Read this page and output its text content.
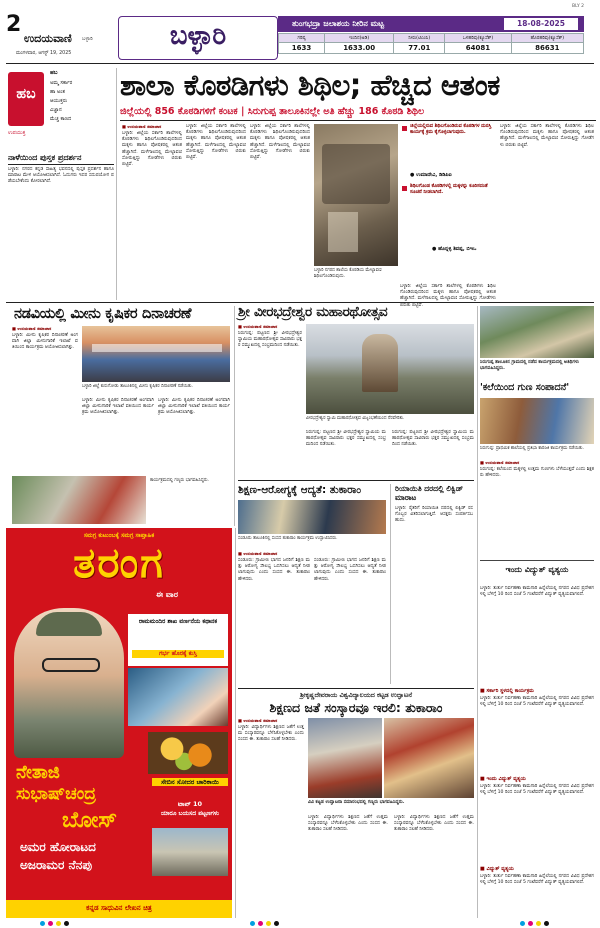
2
ಉದಯವಾಣಿ ಬಳ್ಳಾರಿ
ಮಂಗಳವಾರ, ಆಗಸ್ಟ್ 19, 2025
ಬಳ್ಳಾರಿ	ತುಂಗಭದ್ರಾ ಜಲಾಶಯ ನೀರಿನ ಮಟ್ಟ	18-08-2025
ಗರಿಷ್ಠ	ಇಂದಿನ(ಅಡಿ)	ನೀರು(ಟಿಎಂಸಿ)	ಒಳಹರಿವು(ಕ್ಯೂಸೆಕ್)	ಹೊರಹರಿವು(ಕ್ಯೂಸೆಕ್)
1633	1633.00	77.01	64081	86631
BLY 2
ಹಬ
ಉಪಯುಕ್ತ
ಹಬ
ಅಮ್ಮ ಸರ್ಕಾರ
ಹಾ ಅಂತ
ಆಯುಕ್ತರು
ವಿಜ್ಞಾನ
ಮೆಚ್ಚ ಕಾಣದ
ಶಾಲಾ ಕೊಠಡಿಗಳು ಶಿಥಿಲ; ಹೆಚ್ಚಿದ ಆತಂಕ
ಜಿಲ್ಲೆಯಲ್ಲಿ 856 ಕೊಠಡಿಗಳಿಗೆ ಕಂಟಕ | ಸಿರುಗುಪ್ಪ ತಾಲೂಕಿನಲ್ಲೇ ಅತಿ ಹೆಚ್ಚು 186 ಕೊಠಡಿ ಶಿಥಿಲ
■ ಉದಯವಾಣಿ ಸಮಾಚಾರ
ಬಳ್ಳಾರಿ: ಜಿಲ್ಲೆಯ ಸರ್ಕಾರಿ ಶಾಲೆಗಳಲ್ಲಿ ಕೊಠಡಿಗಳು ಶಿಥಿಲಗೊಂಡಿರುವುದರಿಂದ ಮಕ್ಕಳು ಹಾಗೂ ಪೋಷಕರಲ್ಲಿ ಆತಂಕ ಹೆಚ್ಚಾಗಿದೆ. ಮಳೆಗಾಲದಲ್ಲಿ ಮೇಲ್ಛಾವಣಿ ಸೋರುತ್ತಿದ್ದು ಗೋಡೆಗಳು ಬಿರುಕು ಬಿಟ್ಟಿವೆ.
ಬಳ್ಳಾರಿ: ಜಿಲ್ಲೆಯ ಸರ್ಕಾರಿ ಶಾಲೆಗಳಲ್ಲಿ ಕೊಠಡಿಗಳು ಶಿಥಿಲಗೊಂಡಿರುವುದರಿಂದ ಮಕ್ಕಳು ಹಾಗೂ ಪೋಷಕರಲ್ಲಿ ಆತಂಕ ಹೆಚ್ಚಾಗಿದೆ. ಮಳೆಗಾಲದಲ್ಲಿ ಮೇಲ್ಛಾವಣಿ ಸೋರುತ್ತಿದ್ದು ಗೋಡೆಗಳು ಬಿರುಕು ಬಿಟ್ಟಿವೆ.
ಬಳ್ಳಾರಿ: ಜಿಲ್ಲೆಯ ಸರ್ಕಾರಿ ಶಾಲೆಗಳಲ್ಲಿ ಕೊಠಡಿಗಳು ಶಿಥಿಲಗೊಂಡಿರುವುದರಿಂದ ಮಕ್ಕಳು ಹಾಗೂ ಪೋಷಕರಲ್ಲಿ ಆತಂಕ ಹೆಚ್ಚಾಗಿದೆ. ಮಳೆಗಾಲದಲ್ಲಿ ಮೇಲ್ಛಾವಣಿ ಸೋರುತ್ತಿದ್ದು ಗೋಡೆಗಳು ಬಿರುಕು ಬಿಟ್ಟಿವೆ.
ಬಳ್ಳಾರಿ ನಗರದ ಶಾಲೆಯ ಕೊಠಡಿಯ ಮೇಲ್ಛಾವಣಿ ಶಿಥಿಲಗೊಂಡಿರುವುದು.
ಬಳ್ಳಾರಿ: ಜಿಲ್ಲೆಯ ಸರ್ಕಾರಿ ಶಾಲೆಗಳಲ್ಲಿ ಕೊಠಡಿಗಳು ಶಿಥಿಲಗೊಂಡಿರುವುದರಿಂದ ಮಕ್ಕಳು ಹಾಗೂ ಪೋಷಕರಲ್ಲಿ ಆತಂಕ ಹೆಚ್ಚಾಗಿದೆ. ಮಳೆಗಾಲದಲ್ಲಿ ಮೇಲ್ಛಾವಣಿ ಸೋರುತ್ತಿದ್ದು ಗೋಡೆಗಳು ಬಿರುಕು ಬಿಟ್ಟಿವೆ.
ಜಿಲ್ಲೆಯಲ್ಲಿರುವ ಶಿಥಿಲಗೊಂಡಿರುವ ಕೊಠಡಿಗಳ ದುರಸ್ತಿ ಕಾರ್ಯಕ್ಕೆ ಕ್ರಮ ಕೈಗೊಳ್ಳಲಾಗುವುದು.
● ಉಮಾದೇವಿ, ಡಿಡಿಪಿಐ
ಶಿಥಿಲಗೊಂಡ ಕೊಠಡಿಗಳಲ್ಲಿ ಮಕ್ಕಳನ್ನು ಕೂರಿಸದಂತೆ ಸೂಚನೆ ನೀಡಲಾಗಿದೆ.
● ಹೊನ್ನಳ್ಳಿ ಶಿವಪ್ಪ, ಬಿಇಒ
ಬಳ್ಳಾರಿ: ಜಿಲ್ಲೆಯ ಸರ್ಕಾರಿ ಶಾಲೆಗಳಲ್ಲಿ ಕೊಠಡಿಗಳು ಶಿಥಿಲಗೊಂಡಿರುವುದರಿಂದ ಮಕ್ಕಳು ಹಾಗೂ ಪೋಷಕರಲ್ಲಿ ಆತಂಕ ಹೆಚ್ಚಾಗಿದೆ. ಮಳೆಗಾಲದಲ್ಲಿ ಮೇಲ್ಛಾವಣಿ ಸೋರುತ್ತಿದ್ದು ಗೋಡೆಗಳು ಬಿರುಕು ಬಿಟ್ಟಿವೆ.
ನಾಳೆಯಿಂದ ಪುಸ್ತಕ ಪ್ರದರ್ಶನ
ಬಳ್ಳಾರಿ: ನಗರದ ಕನ್ನಡ ಸಾಹಿತ್ಯ ಭವನದಲ್ಲಿ ಪುಸ್ತಕ ಪ್ರದರ್ಶನ ಹಾಗೂ ಮಾರಾಟ ಮೇಳ ಆಯೋಜಿಸಲಾಗಿದೆ. ಓದುಗರು ಇದರ ಸದುಪಯೋಗ ಪಡೆಯಬೇಕೆಂದು ಕೋರಲಾಗಿದೆ.
ನಡವಿಯಲ್ಲಿ ಮೀನು ಕೃಷಿಕರ ದಿನಾಚರಣೆ
■ ಉದಯವಾಣಿ ಸಮಾಚಾರ
ಬಳ್ಳಾರಿ: ಮೀನು ಕೃಷಿಕರ ದಿನಾಚರಣೆ ಅಂಗವಾಗಿ ಜಿಲ್ಲಾ ಮೀನುಗಾರಿಕೆ ಇಲಾಖೆ ವತಿಯಿಂದ ಕಾರ್ಯಕ್ರಮ ಆಯೋಜಿಸಲಾಗಿತ್ತು.
ಬಳ್ಳಾರಿ ಜಿಲ್ಲೆ ಕುರುಗೋಡು ತಾಲೂಕಿನಲ್ಲಿ ಮೀನು ಕೃಷಿಕರ ದಿನಾಚರಣೆ ನಡೆಯಿತು.
ಬಳ್ಳಾರಿ: ಮೀನು ಕೃಷಿಕರ ದಿನಾಚರಣೆ ಅಂಗವಾಗಿ ಜಿಲ್ಲಾ ಮೀನುಗಾರಿಕೆ ಇಲಾಖೆ ವತಿಯಿಂದ ಕಾರ್ಯಕ್ರಮ ಆಯೋಜಿಸಲಾಗಿತ್ತು.
ಬಳ್ಳಾರಿ: ಮೀನು ಕೃಷಿಕರ ದಿನಾಚರಣೆ ಅಂಗವಾಗಿ ಜಿಲ್ಲಾ ಮೀನುಗಾರಿಕೆ ಇಲಾಖೆ ವತಿಯಿಂದ ಕಾರ್ಯಕ್ರಮ ಆಯೋಜಿಸಲಾಗಿತ್ತು.
ಕಾರ್ಯಕ್ರಮದಲ್ಲಿ ಗಣ್ಯರು ಭಾಗವಹಿಸಿದ್ದರು.
ಶ್ರೀ ವೀರಭದ್ರೇಶ್ವರ ಮಹಾರಥೋತ್ಸವ
■ ಉದಯವಾಣಿ ಸಮಾಚಾರ
ಸಿರುಗುಪ್ಪ: ಪಟ್ಟಣದ ಶ್ರೀ ವೀರಭದ್ರೇಶ್ವರ ಸ್ವಾಮಿಯ ಮಹಾರಥೋತ್ಸವ ಸಾವಿರಾರು ಭಕ್ತರ ಸಮ್ಮುಖದಲ್ಲಿ ಸಂಭ್ರಮದಿಂದ ನಡೆಯಿತು.
ವೀರಭದ್ರೇಶ್ವರ ಸ್ವಾಮಿ ಮಹಾರಥೋತ್ಸವ ವಿಜೃಂಭಣೆಯಿಂದ ನೆರವೇರಿತು.
ಸಿರುಗುಪ್ಪ: ಪಟ್ಟಣದ ಶ್ರೀ ವೀರಭದ್ರೇಶ್ವರ ಸ್ವಾಮಿಯ ಮಹಾರಥೋತ್ಸವ ಸಾವಿರಾರು ಭಕ್ತರ ಸಮ್ಮುಖದಲ್ಲಿ ಸಂಭ್ರಮದಿಂದ ನಡೆಯಿತು.
ಸಿರುಗುಪ್ಪ: ಪಟ್ಟಣದ ಶ್ರೀ ವೀರಭದ್ರೇಶ್ವರ ಸ್ವಾಮಿಯ ಮಹಾರಥೋತ್ಸವ ಸಾವಿರಾರು ಭಕ್ತರ ಸಮ್ಮುಖದಲ್ಲಿ ಸಂಭ್ರಮದಿಂದ ನಡೆಯಿತು.
ಸಿರುಗುಪ್ಪ ತಾಲೂಕಿನ ಗ್ರಾಮದಲ್ಲಿ ನಡೆದ ಕಾರ್ಯಕ್ರಮದಲ್ಲಿ ಅತಿಥಿಗಳು ಭಾಗವಹಿಸಿದ್ದರು.
'ಕಲೆಯಿಂದ ಗುಣ ಸಂಪಾದನೆ'
ಸಿರುಗುಪ್ಪ: ಪ್ರಾಥಮಿಕ ಶಾಲೆಯಲ್ಲಿ ಪ್ರತಿಭಾ ಕಾರಂಜಿ ಕಾರ್ಯಕ್ರಮ ನಡೆಯಿತು.
■ ಉದಯವಾಣಿ ಸಮಾಚಾರ
ಸಿರುಗುಪ್ಪ: ಕಲೆಯಿಂದ ಮಕ್ಕಳಲ್ಲಿ ಉತ್ತಮ ಗುಣಗಳು ಬೆಳೆಯುತ್ತವೆ ಎಂದು ಶಿಕ್ಷಕರು ಹೇಳಿದರು.
ಶಿಕ್ಷಣ-ಆರೋಗ್ಯಕ್ಕೆ ಆದ್ಯತೆ: ತುಕಾರಾಂ
ಸಂಡೂರು ತಾಲೂಕಿನಲ್ಲಿ ಸಂಸದ ತುಕಾರಾಂ ಕಾರ್ಯಕ್ರಮ ಉದ್ಘಾಟಿಸಿದರು.
■ ಉದಯವಾಣಿ ಸಮಾಚಾರ
ಸಂಡೂರು: ಗ್ರಾಮೀಣ ಭಾಗದ ಜನರಿಗೆ ಶಿಕ್ಷಣ ಮತ್ತು ಆರೋಗ್ಯ ಸೌಲಭ್ಯ ಒದಗಿಸಲು ಆದ್ಯತೆ ನೀಡಲಾಗುವುದು ಎಂದು ಸಂಸದ ಈ. ತುಕಾರಾಂ ಹೇಳಿದರು.
ಸಂಡೂರು: ಗ್ರಾಮೀಣ ಭಾಗದ ಜನರಿಗೆ ಶಿಕ್ಷಣ ಮತ್ತು ಆರೋಗ್ಯ ಸೌಲಭ್ಯ ಒದಗಿಸಲು ಆದ್ಯತೆ ನೀಡಲಾಗುವುದು ಎಂದು ಸಂಸದ ಈ. ತುಕಾರಾಂ ಹೇಳಿದರು.
ರಿಯಾಯಿತಿ ದರದಲ್ಲಿ ಲಿಕ್ವಿಡ್ ಮಾರಾಟ
ಬಳ್ಳಾರಿ: ರೈತರಿಗೆ ರಿಯಾಯಿತಿ ದರದಲ್ಲಿ ಲಿಕ್ವಿಡ್ ರಸಗೊಬ್ಬರ ವಿತರಿಸಲಾಗುತ್ತಿದೆ. ಆಸಕ್ತರು ಸಂಪರ್ಕಿಸಬಹುದು.
ಇಂದು ವಿದ್ಯುತ್ ವ್ಯತ್ಯಯ
ಬಳ್ಳಾರಿ: ತುರ್ತು ನಿರ್ವಹಣಾ ಕಾಮಗಾರಿ ಹಿನ್ನೆಲೆಯಲ್ಲಿ ನಗರದ ವಿವಿಧ ಪ್ರದೇಶಗಳಲ್ಲಿ ಬೆಳಗ್ಗೆ 10 ರಿಂದ ಸಂಜೆ 5 ಗಂಟೆವರೆಗೆ ವಿದ್ಯುತ್ ವ್ಯತ್ಯಯವಾಗಲಿದೆ.
■ ಸರ್ಕಾರಿ ಸ್ಥಳದಲ್ಲಿ ಕಾರ್ಯಕ್ರಮ
ಬಳ್ಳಾರಿ: ತುರ್ತು ನಿರ್ವಹಣಾ ಕಾಮಗಾರಿ ಹಿನ್ನೆಲೆಯಲ್ಲಿ ನಗರದ ವಿವಿಧ ಪ್ರದೇಶಗಳಲ್ಲಿ ಬೆಳಗ್ಗೆ 10 ರಿಂದ ಸಂಜೆ 5 ಗಂಟೆವರೆಗೆ ವಿದ್ಯುತ್ ವ್ಯತ್ಯಯವಾಗಲಿದೆ.
■ ಇಂದು ವಿದ್ಯುತ್ ವ್ಯತ್ಯಯ
ಬಳ್ಳಾರಿ: ತುರ್ತು ನಿರ್ವಹಣಾ ಕಾಮಗಾರಿ ಹಿನ್ನೆಲೆಯಲ್ಲಿ ನಗರದ ವಿವಿಧ ಪ್ರದೇಶಗಳಲ್ಲಿ ಬೆಳಗ್ಗೆ 10 ರಿಂದ ಸಂಜೆ 5 ಗಂಟೆವರೆಗೆ ವಿದ್ಯುತ್ ವ್ಯತ್ಯಯವಾಗಲಿದೆ.
■ ವಿದ್ಯುತ್ ವ್ಯತ್ಯಯ
ಬಳ್ಳಾರಿ: ತುರ್ತು ನಿರ್ವಹಣಾ ಕಾಮಗಾರಿ ಹಿನ್ನೆಲೆಯಲ್ಲಿ ನಗರದ ವಿವಿಧ ಪ್ರದೇಶಗಳಲ್ಲಿ ಬೆಳಗ್ಗೆ 10 ರಿಂದ ಸಂಜೆ 5 ಗಂಟೆವರೆಗೆ ವಿದ್ಯುತ್ ವ್ಯತ್ಯಯವಾಗಲಿದೆ.
ಶ್ರೀಕೃಷ್ಣದೇವರಾಯ ವಿಶ್ವವಿದ್ಯಾಲಯದ ಕಟ್ಟಡ ಉದ್ಘಾಟನೆ
ಶಿಕ್ಷಣದ ಜತೆ ಸಂಸ್ಕಾರವೂ ಇರಲಿ: ತುಕಾರಾಂ
■ ಉದಯವಾಣಿ ಸಮಾಚಾರ
ಬಳ್ಳಾರಿ: ವಿದ್ಯಾರ್ಥಿಗಳು ಶಿಕ್ಷಣದ ಜತೆಗೆ ಉತ್ತಮ ಸಂಸ್ಕಾರವನ್ನೂ ಬೆಳೆಸಿಕೊಳ್ಳಬೇಕು ಎಂದು ಸಂಸದ ಈ. ತುಕಾರಾಂ ಸಲಹೆ ನೀಡಿದರು.
ವಿವಿ ಕಟ್ಟಡ ಉದ್ಘಾಟನಾ ಸಮಾರಂಭದಲ್ಲಿ ಗಣ್ಯರು ಭಾಗವಹಿಸಿದ್ದರು.
ಬಳ್ಳಾರಿ: ವಿದ್ಯಾರ್ಥಿಗಳು ಶಿಕ್ಷಣದ ಜತೆಗೆ ಉತ್ತಮ ಸಂಸ್ಕಾರವನ್ನೂ ಬೆಳೆಸಿಕೊಳ್ಳಬೇಕು ಎಂದು ಸಂಸದ ಈ. ತುಕಾರಾಂ ಸಲಹೆ ನೀಡಿದರು.
ಬಳ್ಳಾರಿ: ವಿದ್ಯಾರ್ಥಿಗಳು ಶಿಕ್ಷಣದ ಜತೆಗೆ ಉತ್ತಮ ಸಂಸ್ಕಾರವನ್ನೂ ಬೆಳೆಸಿಕೊಳ್ಳಬೇಕು ಎಂದು ಸಂಸದ ಈ. ತುಕಾರಾಂ ಸಲಹೆ ನೀಡಿದರು.
ಸಮಗ್ರ ಕುಟುಂಬಕ್ಕೆ ಸಮಗ್ರ ಸಾಪ್ತಾಹಿಕ
ತರಂಗ
ಈ ವಾರ
ರಾಮಮಂದಿರ ಶಾಖ ವರ್ಣನೆಯ ಕಥಾನಕ
ಗರ್ಭ ಹೊರಕ್ಕೆ ಕುಸ್ತಿ
ಸೇಬಿನ ಸೋದರ ಚಾರಿಕಾಯಿ
ಟಾಪ್ 10
ಯಾರೂ ಬಯಸದ ಪಟ್ಟಣಗಳು
ನೇತಾಜಿ
ಸುಭಾಷ್‌ಚಂದ್ರ
ಬೋಸ್
ಅಮರ ಹೋರಾಟದ
ಅಜರಾಮರ ನೆನಪು
ಕನ್ನಡ ಸಾಧುವಿನ ಲೇಖನ ಚಿತ್ರ
